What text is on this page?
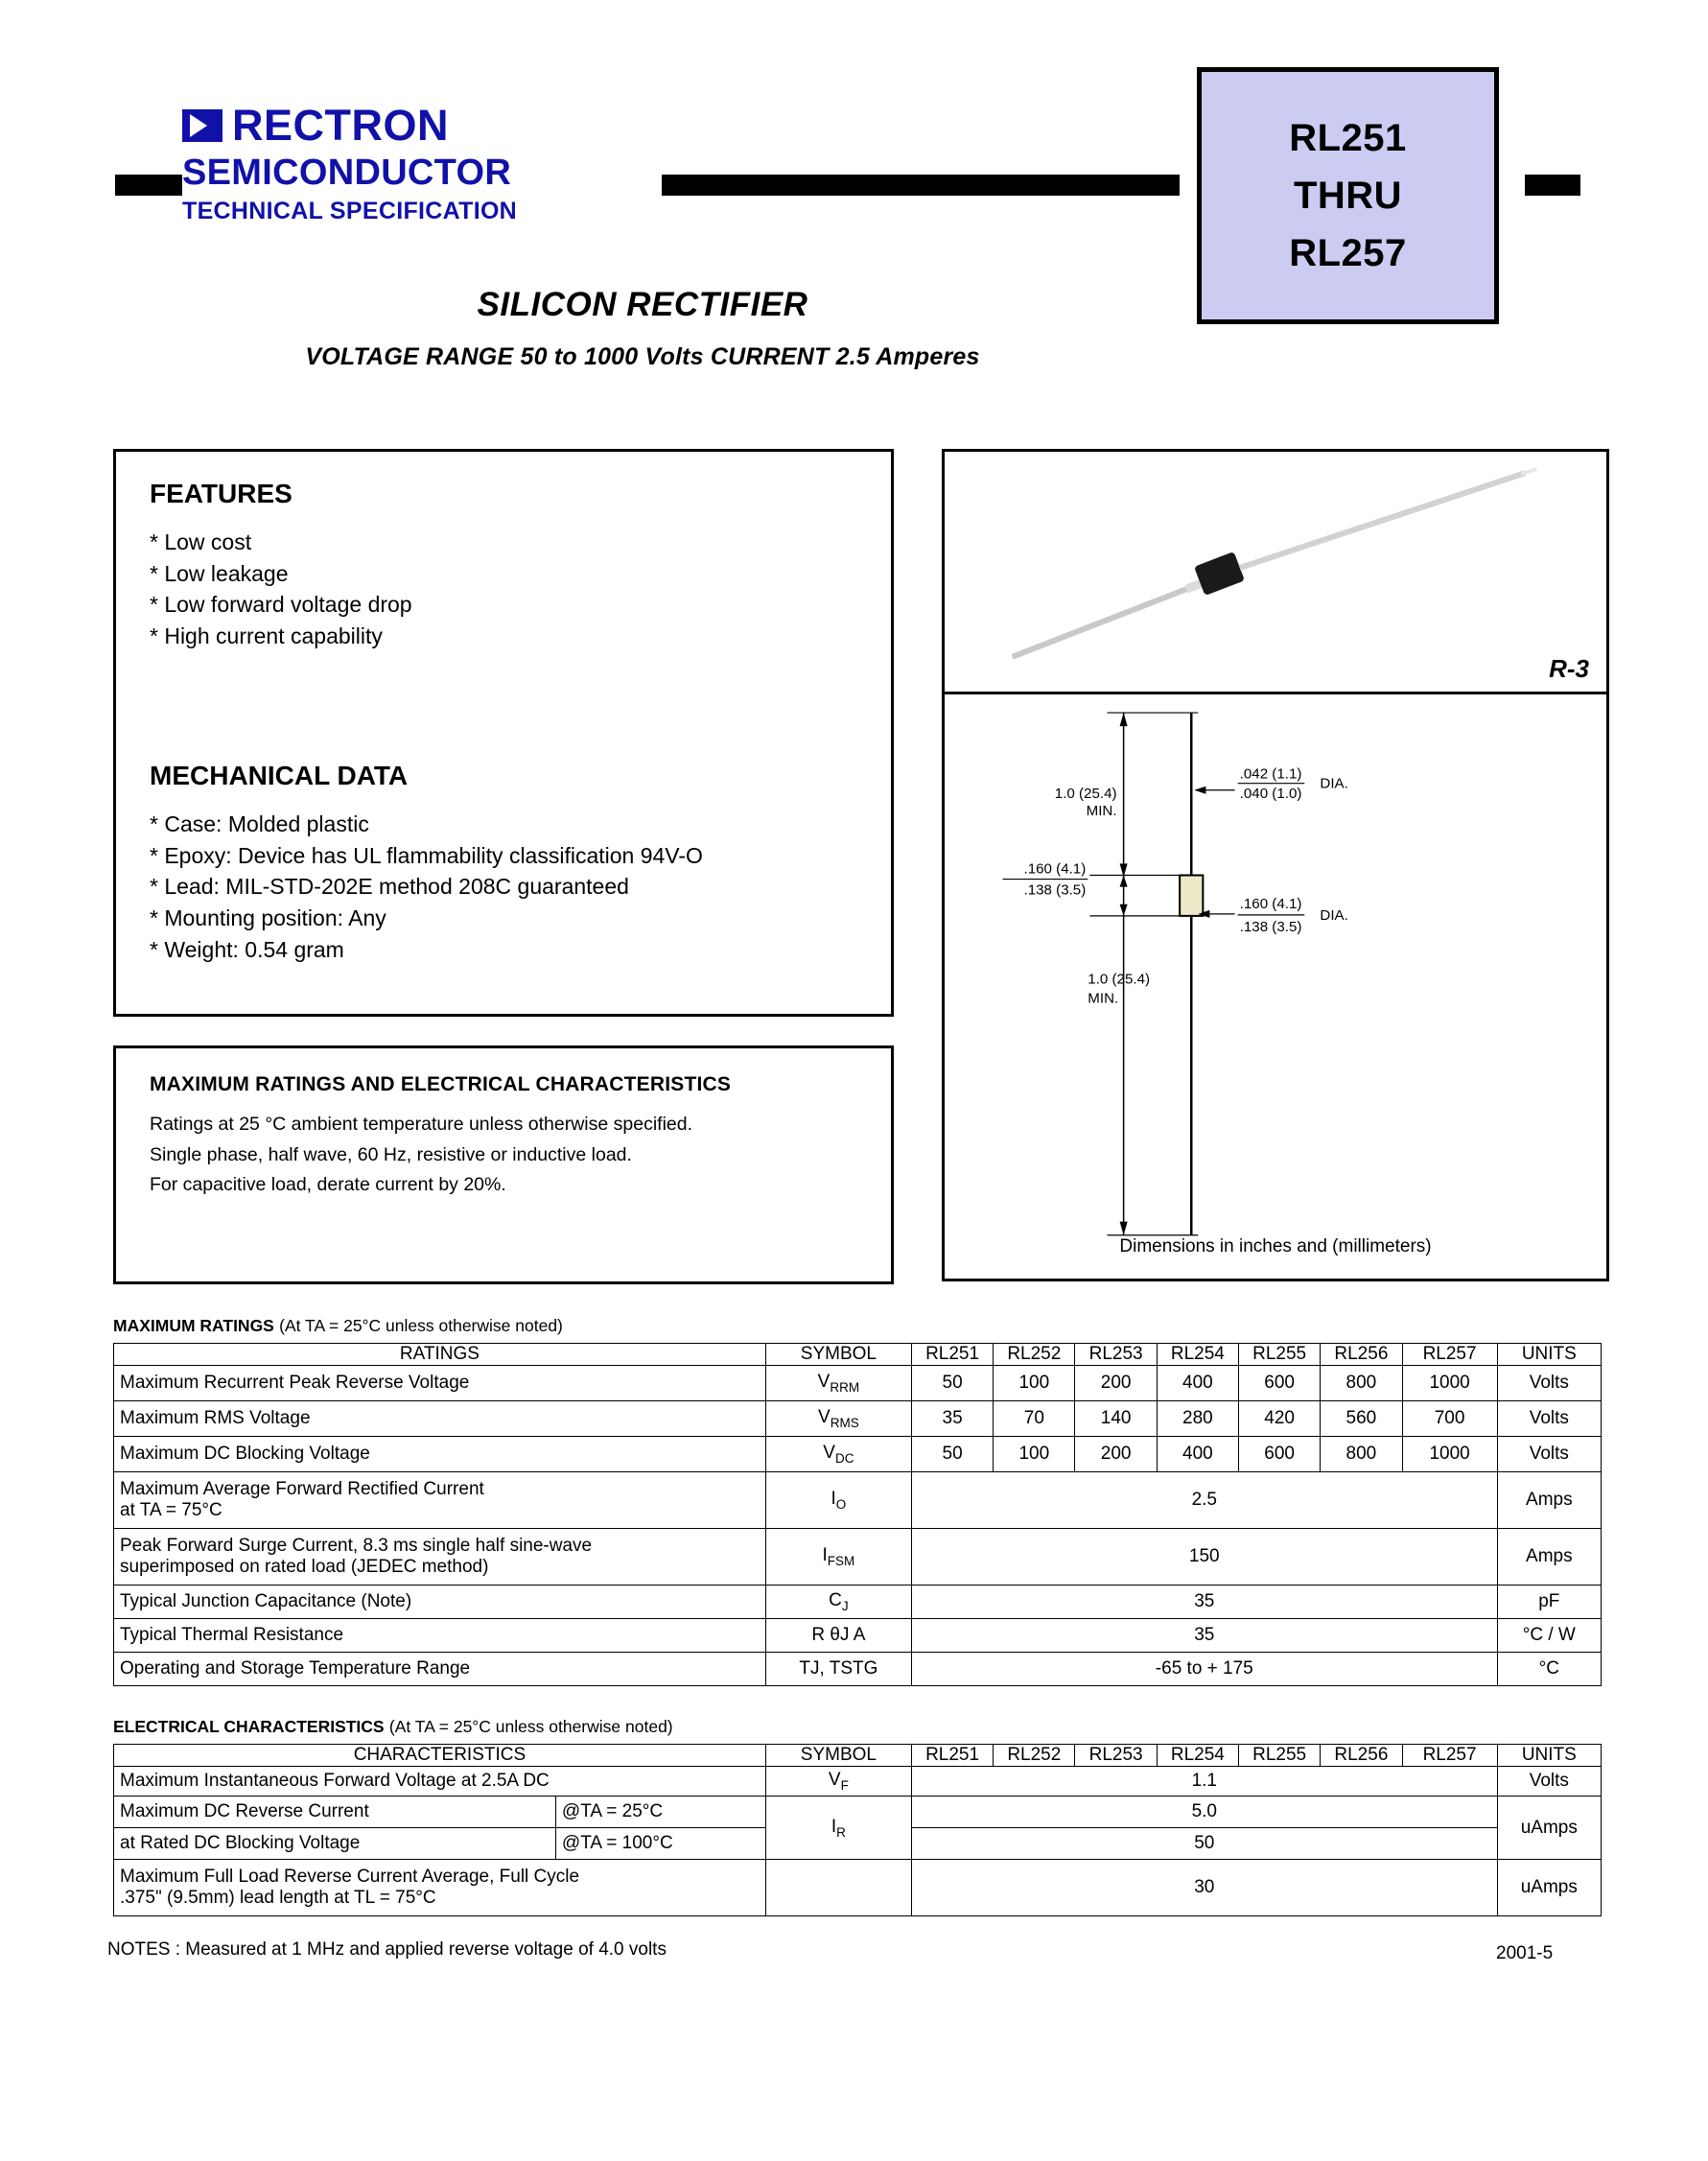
RECTRON
SEMICONDUCTOR
TECHNICAL SPECIFICATION
RL251
THRU
RL257
SILICON RECTIFIER
VOLTAGE RANGE 50 to 1000 Volts CURRENT 2.5 Amperes
FEATURES
* Low cost
* Low leakage
* Low forward voltage drop
* High current capability
MECHANICAL DATA
* Case: Molded plastic
* Epoxy: Device has UL flammability classification 94V-O
* Lead: MIL-STD-202E method 208C guaranteed
* Mounting position: Any
* Weight: 0.54 gram
MAXIMUM RATINGS AND ELECTRICAL CHARACTERISTICS
Ratings at 25 °C ambient temperature unless otherwise specified.
Single phase, half wave, 60 Hz, resistive or inductive load.
For capacitive load, derate current by 20%.
R-3
1.0 (25.4)
MIN.
.042 (1.1)
.040 (1.0)
DIA.
.160 (4.1)
.138 (3.5)
.160 (4.1)
.138 (3.5)
DIA.
1.0 (25.4)
MIN.
Dimensions in inches and (millimeters)
MAXIMUM RATINGS (At TA = 25°C unless otherwise noted)
RATINGS	SYMBOL	RL251	RL252	RL253	RL254	RL255	RL256	RL257	UNITS
Maximum Recurrent Peak Reverse Voltage	$V_{RRM}$	50	100	200	400	600	800	1000	Volts
Maximum RMS Voltage	$V_{RMS}$	35	70	140	280	420	560	700	Volts
Maximum DC Blocking Voltage	$V_{DC}$	50	100	200	400	600	800	1000	Volts

Maximum Average Forward Rectified Current
at TA = 75°C	$I_O$	2.5							Amps

Peak Forward Surge Current, 8.3 ms single half sine-wave
superimposed on rated load (JEDEC method)	$I_{FSM}$	150							Amps
Typical Junction Capacitance (Note)	$C_J$	35							pF
Typical Thermal Resistance	R θJ A	35							°C / W
Operating and Storage Temperature Range	TJ, TSTG	-65 to + 175							°C
ELECTRICAL CHARACTERISTICS (At TA = 25°C unless otherwise noted)
CHARACTERISTICS		SYMBOL	RL251	RL252	RL253	RL254	RL255	RL256	RL257	UNITS
Maximum Instantaneous Forward Voltage at 2.5A DC		$V_F$	1.1							Volts
Maximum DC Reverse Current	@TA = 25°C	$I_R$	5.0							uAmps
at Rated DC Blocking Voltage	@TA = 100°C		50							

Maximum Full Load Reverse Current Average, Full Cycle
.375" (9.5mm) lead length at TL = 75°C			30							uAmps
NOTES : Measured at 1 MHz and applied reverse voltage of 4.0 volts	2001-5
